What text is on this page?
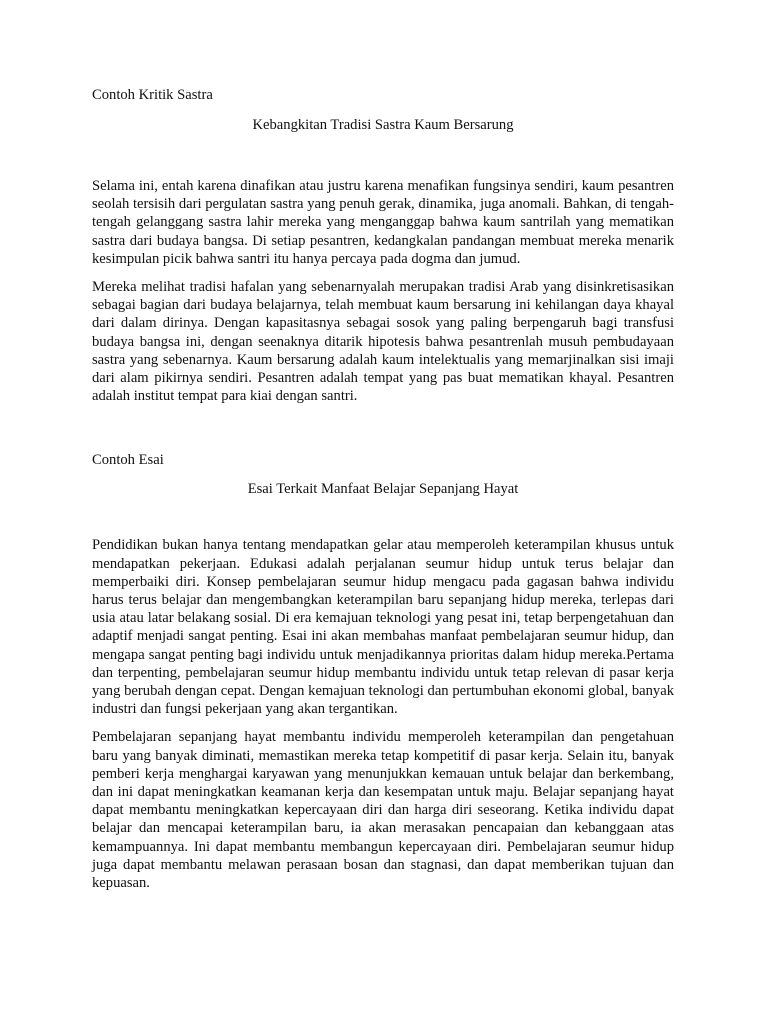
Contoh Kritik Sastra

Kebangkitan Tradisi Sastra Kaum Bersarung

Selama ini, entah karena dinafikan atau justru karena menafikan fungsinya sendiri, kaum pesantren seolah tersisih dari pergulatan sastra yang penuh gerak, dinamika, juga anomali. Bahkan, di tengah-tengah gelanggang sastra lahir mereka yang menganggap bahwa kaum santrilah yang mematikan sastra dari budaya bangsa. Di setiap pesantren, kedangkalan pandangan membuat mereka menarik kesimpulan picik bahwa santri itu hanya percaya pada dogma dan jumud.

Mereka melihat tradisi hafalan yang sebenarnyalah merupakan tradisi Arab yang disinkretisasikan sebagai bagian dari budaya belajarnya, telah membuat kaum bersarung ini kehilangan daya khayal dari dalam dirinya. Dengan kapasitasnya sebagai sosok yang paling berpengaruh bagi transfusi budaya bangsa ini, dengan seenaknya ditarik hipotesis bahwa pesantrenlah musuh pembudayaan sastra yang sebenarnya. Kaum bersarung adalah kaum intelektualis yang memarjinalkan sisi imaji dari alam pikirnya sendiri. Pesantren adalah tempat yang pas buat mematikan khayal. Pesantren adalah institut tempat para kiai dengan santri.

Contoh Esai

Esai Terkait Manfaat Belajar Sepanjang Hayat

Pendidikan bukan hanya tentang mendapatkan gelar atau memperoleh keterampilan khusus untuk mendapatkan pekerjaan. Edukasi adalah perjalanan seumur hidup untuk terus belajar dan memperbaiki diri. Konsep pembelajaran seumur hidup mengacu pada gagasan bahwa individu harus terus belajar dan mengembangkan keterampilan baru sepanjang hidup mereka, terlepas dari usia atau latar belakang sosial. Di era kemajuan teknologi yang pesat ini, tetap berpengetahuan dan adaptif menjadi sangat penting. Esai ini akan membahas manfaat pembelajaran seumur hidup, dan mengapa sangat penting bagi individu untuk menjadikannya prioritas dalam hidup mereka.Pertama dan terpenting, pembelajaran seumur hidup membantu individu untuk tetap relevan di pasar kerja yang berubah dengan cepat. Dengan kemajuan teknologi dan pertumbuhan ekonomi global, banyak industri dan fungsi pekerjaan yang akan tergantikan.

Pembelajaran sepanjang hayat membantu individu memperoleh keterampilan dan pengetahuan baru yang banyak diminati, memastikan mereka tetap kompetitif di pasar kerja. Selain itu, banyak pemberi kerja menghargai karyawan yang menunjukkan kemauan untuk belajar dan berkembang, dan ini dapat meningkatkan keamanan kerja dan kesempatan untuk maju. Belajar sepanjang hayat dapat membantu meningkatkan kepercayaan diri dan harga diri seseorang. Ketika individu dapat belajar dan mencapai keterampilan baru, ia akan merasakan pencapaian dan kebanggaan atas kemampuannya. Ini dapat membantu membangun kepercayaan diri. Pembelajaran seumur hidup juga dapat membantu melawan perasaan bosan dan stagnasi, dan dapat memberikan tujuan dan kepuasan.
